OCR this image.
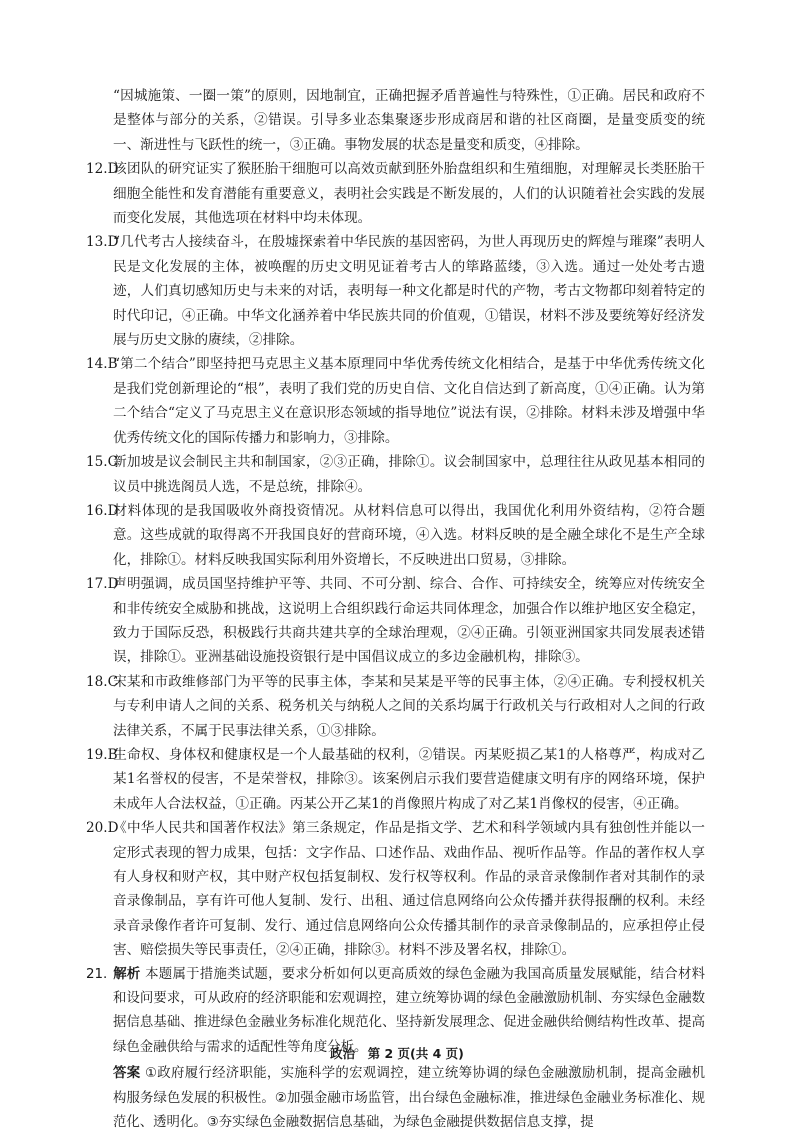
“因城施策、一圈一策”的原则，因地制宜，正确把握矛盾普遍性与特殊性，①正确。居民和政府不是整体与部分的关系，②错误。引导多业态集聚逐步形成商居和谐的社区商圈，是量变质变的统一、渐进性与飞跃性的统一，③正确。事物发展的状态是量变和质变，④排除。

12.D该团队的研究证实了猴胚胎干细胞可以高效贡献到胚外胎盘组织和生殖细胞，对理解灵长类胚胎干细胞全能性和发育潜能有重要意义，表明社会实践是不断发展的，人们的认识随着社会实践的发展而变化发展，其他选项在材料中均未体现。

13.D“几代考古人接续奋斗，在殷墟探索着中华民族的基因密码，为世人再现历史的辉煌与璀璨”表明人民是文化发展的主体，被唤醒的历史文明见证着考古人的筚路蓝缕，③入选。通过一处处考古遗迹，人们真切感知历史与未来的对话，表明每一种文化都是时代的产物，考古文物都印刻着特定的时代印记，④正确。中华文化涵养着中华民族共同的价值观，①错误，材料不涉及要统筹好经济发展与历史文脉的赓续，②排除。

14.B“第二个结合”即坚持把马克思主义基本原理同中华优秀传统文化相结合，是基于中华优秀传统文化是我们党创新理论的“根”，表明了我们党的历史自信、文化自信达到了新高度，①④正确。认为第二个结合“定义了马克思主义在意识形态领域的指导地位”说法有误，②排除。材料未涉及增强中华优秀传统文化的国际传播力和影响力，③排除。

15.C新加坡是议会制民主共和制国家，②③正确，排除①。议会制国家中，总理往往从政见基本相同的议员中挑选阁员人选，不是总统，排除④。

16.D材料体现的是我国吸收外商投资情况。从材料信息可以得出，我国优化利用外资结构，②符合题意。这些成就的取得离不开我国良好的营商环境，④入选。材料反映的是全融全球化不是生产全球化，排除①。材料反映我国实际利用外资增长，不反映进出口贸易，③排除。

17.D声明强调，成员国坚持维护平等、共同、不可分割、综合、合作、可持续安全，统筹应对传统安全和非传统安全威胁和挑战，这说明上合组织践行命运共同体理念，加强合作以维护地区安全稳定，致力于国际反恐，积极践行共商共建共享的全球治理观，②④正确。引领亚洲国家共同发展表述错误，排除①。亚洲基础设施投资银行是中国倡议成立的多边金融机构，排除③。

18.C宋某和市政维修部门为平等的民事主体，李某和吴某是平等的民事主体，②④正确。专利授权机关与专利申请人之间的关系、税务机关与纳税人之间的关系均属于行政机关与行政相对人之间的行政法律关系，不属于民事法律关系，①③排除。

19.B生命权、身体权和健康权是一个人最基础的权利，②错误。丙某贬损乙某1的人格尊严，构成对乙某1名誉权的侵害，不是荣誉权，排除③。该案例启示我们要营造健康文明有序的网络环境，保护未成年人合法权益，①正确。丙某公开乙某1的肖像照片构成了对乙某1肖像权的侵害，④正确。

20.D《中华人民共和国著作权法》第三条规定，作品是指文学、艺术和科学领域内具有独创性并能以一定形式表现的智力成果，包括：文字作品、口述作品、戏曲作品、视听作品等。作品的著作权人享有人身权和财产权，其中财产权包括复制权、发行权等权利。作品的录音录像制作者对其制作的录音录像制品，享有许可他人复制、发行、出租、通过信息网络向公众传播并获得报酬的权利。未经录音录像作者许可复制、发行、通过信息网络向公众传播其制作的录音录像制品的，应承担停止侵害、赔偿损失等民事责任，②④正确，排除③。材料不涉及署名权，排除①。

21. 解析 本题属于措施类试题，要求分析如何以更高质效的绿色金融为我国高质量发展赋能，结合材料和设问要求，可从政府的经济职能和宏观调控，建立统筹协调的绿色金融激励机制、夯实绿色金融数据信息基础、推进绿色金融业务标准化规范化、坚持新发展理念、促进金融供给侧结构性改革、提高绿色金融供给与需求的适配性等角度分析。

答案 ①政府履行经济职能，实施科学的宏观调控，建立统筹协调的绿色金融激励机制，提高金融机构服务绿色发展的积极性。②加强金融市场监管，出台绿色金融标准，推进绿色金融业务标准化、规范化、透明化。③夯实绿色金融数据信息基础，为绿色金融提供数据信息支撑，提

政治　第 2 页(共 4 页)
